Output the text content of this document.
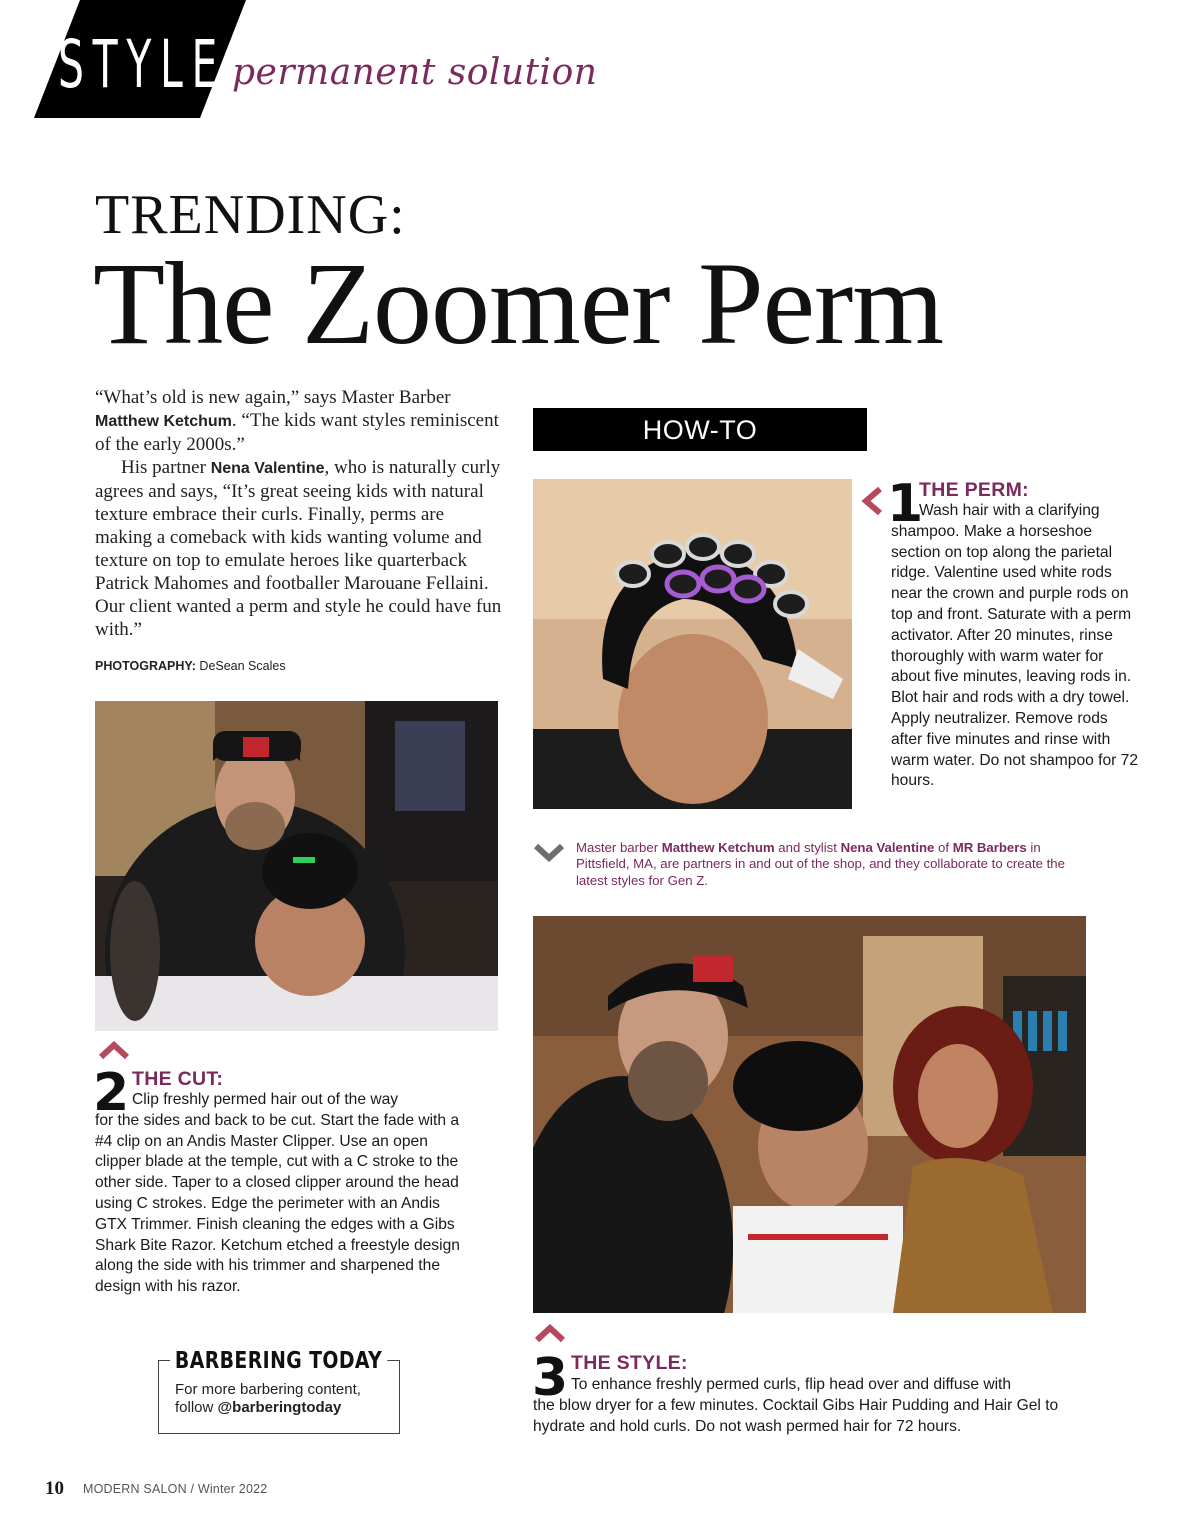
STYLE permanent solution
TRENDING:
The Zoomer Perm

“What’s old is new again,” says Master Barber Matthew Ketchum. “The kids want styles reminiscent of the early 2000s.”

His partner Nena Valentine, who is naturally curly agrees and says, “It’s great seeing kids with natural texture embrace their curls. Finally, perms are making a comeback with kids wanting volume and texture on top to emulate heroes like quarterback Patrick Mahomes and footballer Marouane Fellaini. Our client wanted a perm and style he could have fun with.”

PHOTOGRAPHY: DeSean Scales
HOW-TO
1
THE PERM:
Wash hair with a clarifying
shampoo. Make a horseshoe section on top along the parietal ridge. Valentine used white rods near the crown and purple rods on top and front. Saturate with a perm activator. After 20 minutes, rinse thoroughly with warm water for about five minutes, leaving rods in. Blot hair and rods with a dry towel. Apply neutralizer. Remove rods after five minutes and rinse with warm water. Do not shampoo for 72 hours.
Master barber Matthew Ketchum and stylist Nena Valentine of MR Barbers in Pittsfield, MA, are partners in and out of the shop, and they collaborate to create the latest styles for Gen Z.
2 THE CUT:
Clip freshly permed hair out of the way
for the sides and back to be cut. Start the fade with a #4 clip on an Andis Master Clipper. Use an open clipper blade at the temple, cut with a C stroke to the other side. Taper to a closed clipper around the head using C strokes. Edge the perimeter with an Andis GTX Trimmer. Finish cleaning the edges with a Gibs Shark Bite Razor. Ketchum etched a freestyle design along the side with his trimmer and sharpened the design with his razor.
3 THE STYLE:
To enhance freshly permed curls, flip head over and diffuse with
the blow dryer for a few minutes. Cocktail Gibs Hair Pudding and Hair Gel to hydrate and hold curls. Do not wash permed hair for 72 hours.
BARBERING TODAY
For more barbering content,
follow @barberingtoday
10 MODERN SALON / Winter 2022
